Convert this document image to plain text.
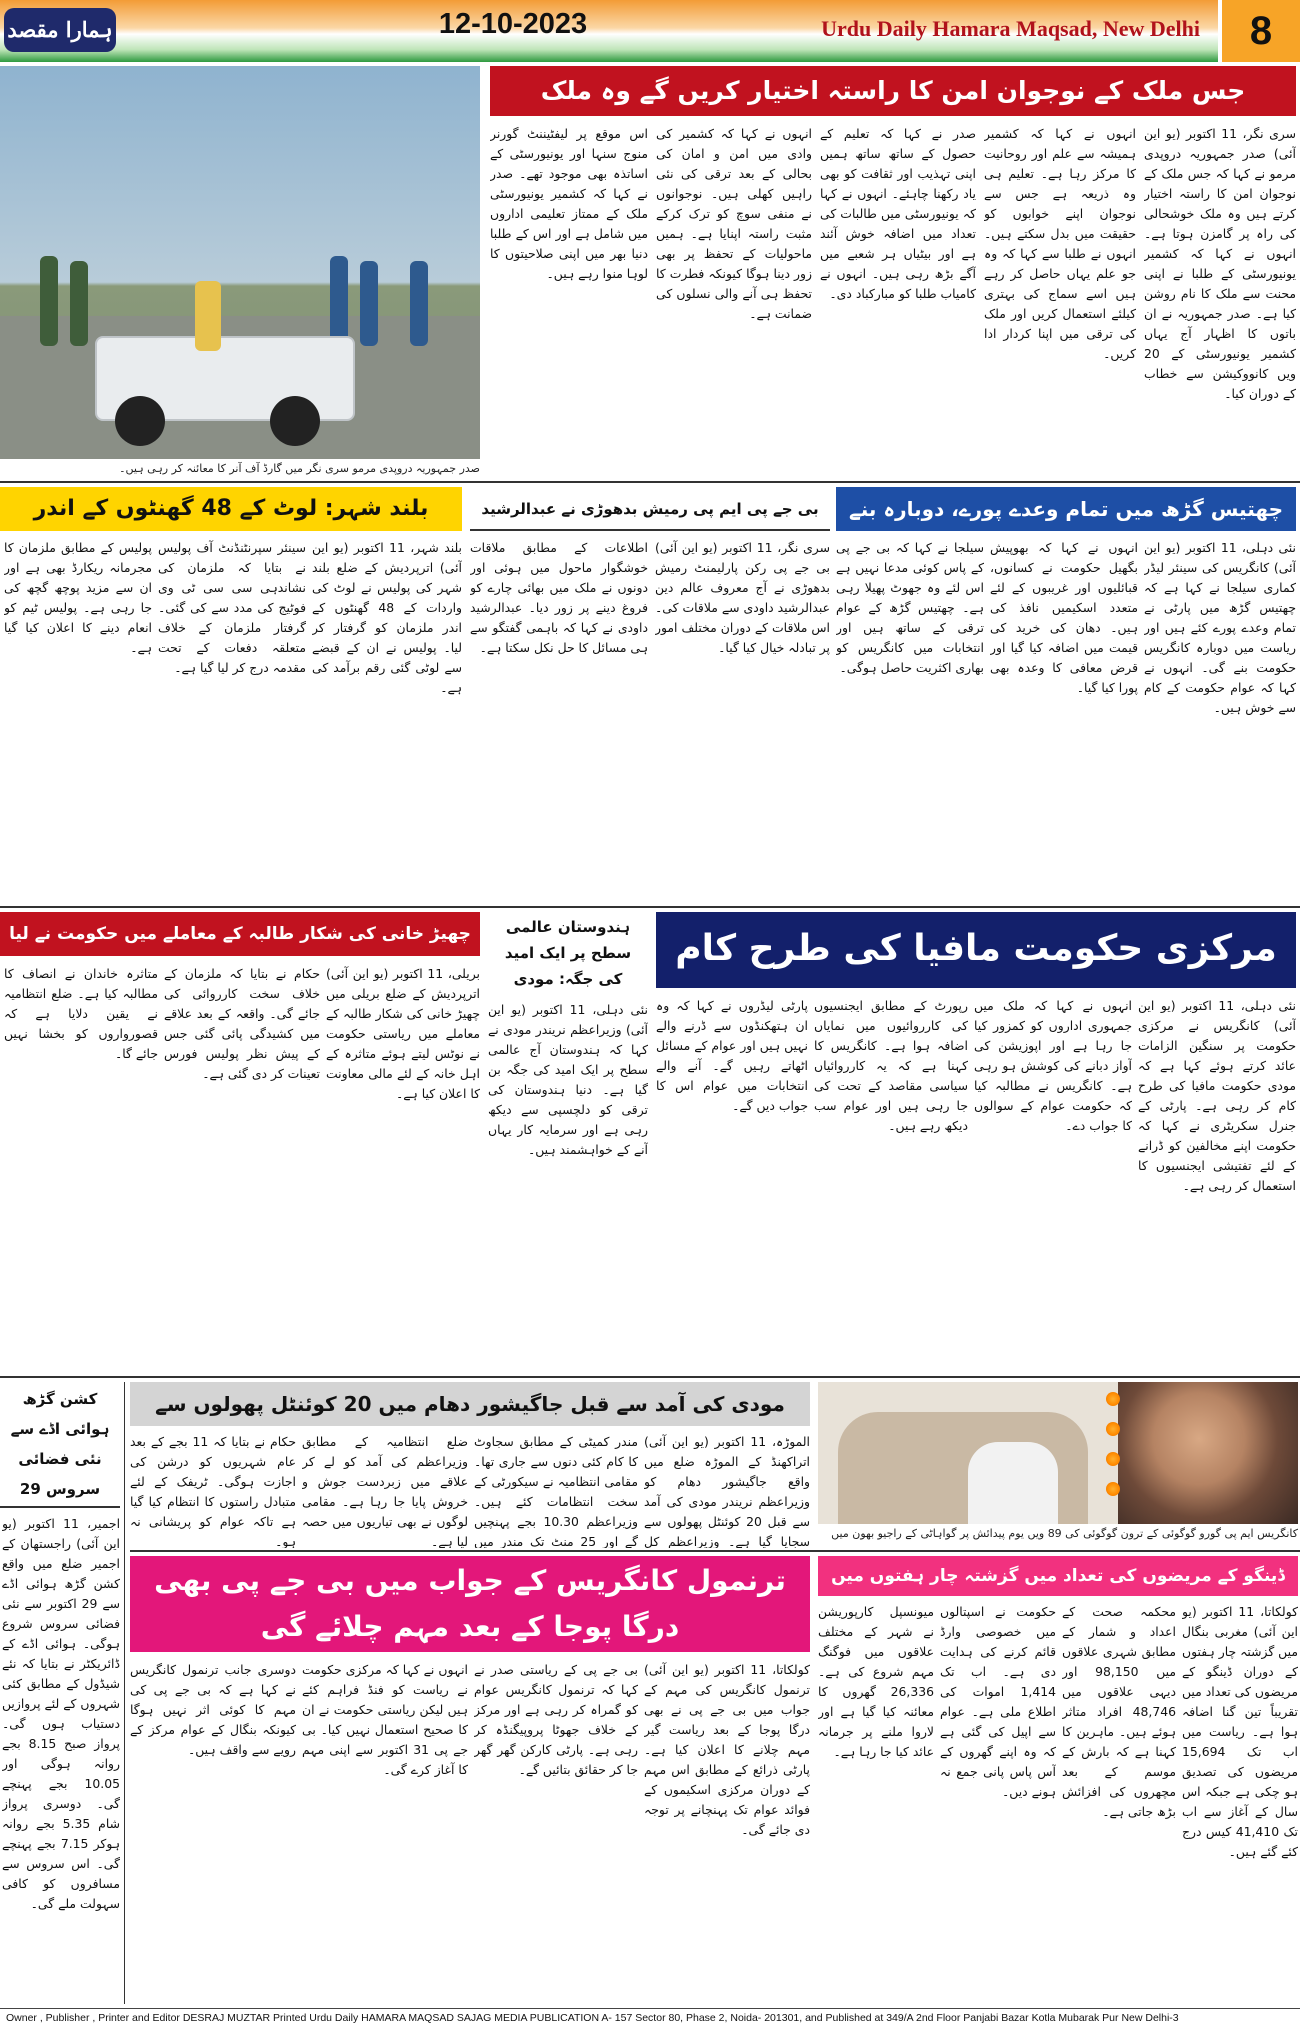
ہمارا مقصد	12-10-2023	Urdu Daily Hamara Maqsad, New Delhi	8
صدر جمہوریہ دروپدی مرمو سری نگر میں گارڈ آف آنر کا معائنہ کر رہی ہیں۔
جس ملک کے نوجوان امن کا راستہ اختیار کریں گے وہ ملک
سری نگر، 11 اکتوبر (یو این آئی) صدر جمہوریہ دروپدی مرمو نے کہا کہ جس ملک کے نوجوان امن کا راستہ اختیار کرتے ہیں وہ ملک خوشحالی کی راہ پر گامزن ہوتا ہے۔ انہوں نے کہا کہ کشمیر یونیورسٹی کے طلبا نے اپنی محنت سے ملک کا نام روشن کیا ہے۔ صدر جمہوریہ نے ان باتوں کا اظہار آج یہاں کشمیر یونیورسٹی کے 20 ویں کانووکیشن سے خطاب کے دوران کیا۔
انہوں نے کہا کہ کشمیر ہمیشہ سے علم اور روحانیت کا مرکز رہا ہے۔ تعلیم ہی وہ ذریعہ ہے جس سے نوجوان اپنے خوابوں کو حقیقت میں بدل سکتے ہیں۔ انہوں نے طلبا سے کہا کہ وہ جو علم یہاں حاصل کر رہے ہیں اسے سماج کی بہتری کیلئے استعمال کریں اور ملک کی ترقی میں اپنا کردار ادا کریں۔
صدر نے کہا کہ تعلیم کے حصول کے ساتھ ساتھ ہمیں اپنی تہذیب اور ثقافت کو بھی یاد رکھنا چاہئے۔ انہوں نے کہا کہ یونیورسٹی میں طالبات کی تعداد میں اضافہ خوش آئند ہے اور بیٹیاں ہر شعبے میں آگے بڑھ رہی ہیں۔ انہوں نے کامیاب طلبا کو مبارکباد دی۔
انہوں نے کہا کہ کشمیر کی وادی میں امن و امان کی بحالی کے بعد ترقی کی نئی راہیں کھلی ہیں۔ نوجوانوں نے منفی سوچ کو ترک کرکے مثبت راستہ اپنایا ہے۔ ہمیں ماحولیات کے تحفظ پر بھی زور دینا ہوگا کیونکہ فطرت کا تحفظ ہی آنے والی نسلوں کی ضمانت ہے۔
اس موقع پر لیفٹیننٹ گورنر منوج سنہا اور یونیورسٹی کے اساتذہ بھی موجود تھے۔ صدر نے کہا کہ کشمیر یونیورسٹی ملک کے ممتاز تعلیمی اداروں میں شامل ہے اور اس کے طلبا دنیا بھر میں اپنی صلاحیتوں کا لوہا منوا رہے ہیں۔
چھتیس گڑھ میں تمام وعدے پورے، دوبارہ بنے
نئی دہلی، 11 اکتوبر (یو این آئی) کانگریس کی سینئر لیڈر کماری سیلجا نے کہا ہے کہ چھتیس گڑھ میں پارٹی نے تمام وعدے پورے کئے ہیں اور ریاست میں دوبارہ کانگریس حکومت بنے گی۔ انہوں نے کہا کہ عوام حکومت کے کام سے خوش ہیں۔
انہوں نے کہا کہ بھوپیش بگھیل حکومت نے کسانوں، قبائلیوں اور غریبوں کے لئے متعدد اسکیمیں نافذ کی ہیں۔ دھان کی خرید کی قیمت میں اضافہ کیا گیا اور قرض معافی کا وعدہ بھی پورا کیا گیا۔
سیلجا نے کہا کہ بی جے پی کے پاس کوئی مدعا نہیں ہے اس لئے وہ جھوٹ پھیلا رہی ہے۔ چھتیس گڑھ کے عوام ترقی کے ساتھ ہیں اور انتخابات میں کانگریس کو بھاری اکثریت حاصل ہوگی۔
بی جے پی ایم پی رمیش بدھوڑی نے عبدالرشید
سری نگر، 11 اکتوبر (یو این آئی) بی جے پی رکن پارلیمنٹ رمیش بدھوڑی نے آج معروف عالم دین عبدالرشید داودی سے ملاقات کی۔ اس ملاقات کے دوران مختلف امور پر تبادلہ خیال کیا گیا۔
اطلاعات کے مطابق ملاقات خوشگوار ماحول میں ہوئی اور دونوں نے ملک میں بھائی چارے کو فروغ دینے پر زور دیا۔ عبدالرشید داودی نے کہا کہ باہمی گفتگو سے ہی مسائل کا حل نکل سکتا ہے۔
بلند شہر: لوٹ کے 48 گھنٹوں کے اندر
بلند شہر، 11 اکتوبر (یو این آئی) اترپردیش کے ضلع بلند شہر کی پولیس نے لوٹ کی واردات کے 48 گھنٹوں کے اندر ملزمان کو گرفتار کر لیا۔ پولیس نے ان کے قبضے سے لوٹی گئی رقم برآمد کی ہے۔
سینئر سپرنٹنڈنٹ آف پولیس نے بتایا کہ ملزمان کی نشاندہی سی سی ٹی وی فوٹیج کی مدد سے کی گئی۔ گرفتار ملزمان کے خلاف متعلقہ دفعات کے تحت مقدمہ درج کر لیا گیا ہے۔
پولیس کے مطابق ملزمان کا مجرمانہ ریکارڈ بھی ہے اور ان سے مزید پوچھ گچھ کی جا رہی ہے۔ پولیس ٹیم کو انعام دینے کا اعلان کیا گیا ہے۔
مرکزی حکومت مافیا کی طرح کام
نئی دہلی، 11 اکتوبر (یو این آئی) کانگریس نے مرکزی حکومت پر سنگین الزامات عائد کرتے ہوئے کہا ہے کہ مودی حکومت مافیا کی طرح کام کر رہی ہے۔ پارٹی کے جنرل سکریٹری نے کہا کہ حکومت اپنے مخالفین کو ڈرانے کے لئے تفتیشی ایجنسیوں کا استعمال کر رہی ہے۔
انہوں نے کہا کہ ملک میں جمہوری اداروں کو کمزور کیا جا رہا ہے اور اپوزیشن کی آواز دبانے کی کوشش ہو رہی ہے۔ کانگریس نے مطالبہ کیا کہ حکومت عوام کے سوالوں کا جواب دے۔
رپورٹ کے مطابق ایجنسیوں کی کارروائیوں میں نمایاں اضافہ ہوا ہے۔ کانگریس کا کہنا ہے کہ یہ کارروائیاں سیاسی مقاصد کے تحت کی جا رہی ہیں اور عوام سب دیکھ رہے ہیں۔
پارٹی لیڈروں نے کہا کہ وہ ان ہتھکنڈوں سے ڈرنے والے نہیں ہیں اور عوام کے مسائل اٹھاتے رہیں گے۔ آنے والے انتخابات میں عوام اس کا جواب دیں گے۔
ہندوستان عالمی سطح پر ایک امید کی جگہ: مودی
نئی دہلی، 11 اکتوبر (یو این آئی) وزیراعظم نریندر مودی نے کہا کہ ہندوستان آج عالمی سطح پر ایک امید کی جگہ بن گیا ہے۔ دنیا ہندوستان کی ترقی کو دلچسپی سے دیکھ رہی ہے اور سرمایہ کار یہاں آنے کے خواہشمند ہیں۔
چھیڑ خانی کی شکار طالبہ کے معاملے میں حکومت نے لیا
بریلی، 11 اکتوبر (یو این آئی) اترپردیش کے ضلع بریلی میں چھیڑ خانی کی شکار طالبہ کے معاملے میں ریاستی حکومت نے نوٹس لیتے ہوئے متاثرہ کے اہل خانہ کے لئے مالی معاونت کا اعلان کیا ہے۔
حکام نے بتایا کہ ملزمان کے خلاف سخت کارروائی کی جائے گی۔ واقعہ کے بعد علاقے میں کشیدگی پائی گئی جس کے پیش نظر پولیس فورس تعینات کر دی گئی ہے۔
متاثرہ خاندان نے انصاف کا مطالبہ کیا ہے۔ ضلع انتظامیہ نے یقین دلایا ہے کہ قصورواروں کو بخشا نہیں جائے گا۔
کشن گڑھ ہوائی اڈے سے نئی فضائی سروس 29
اجمیر، 11 اکتوبر (یو این آئی) راجستھان کے اجمیر ضلع میں واقع کشن گڑھ ہوائی اڈے سے 29 اکتوبر سے نئی فضائی سروس شروع ہوگی۔ ہوائی اڈے کے ڈائریکٹر نے بتایا کہ نئے شیڈول کے مطابق کئی شہروں کے لئے پروازیں دستیاب ہوں گی۔ پرواز صبح 8.15 بجے روانہ ہوگی اور 10.05 بجے پہنچے گی۔ دوسری پرواز شام 5.35 بجے روانہ ہوکر 7.15 بجے پہنچے گی۔ اس سروس سے مسافروں کو کافی سہولت ملے گی۔
مودی کی آمد سے قبل جاگیشور دھام میں 20 کوئنٹل پھولوں سے
الموڑہ، 11 اکتوبر (یو این آئی) اتراکھنڈ کے الموڑہ ضلع میں واقع جاگیشور دھام کو وزیراعظم نریندر مودی کی آمد سے قبل 20 کوئنٹل پھولوں سے سجایا گیا ہے۔ وزیراعظم کل
مندر کمیٹی کے مطابق سجاوٹ کا کام کئی دنوں سے جاری تھا۔ مقامی انتظامیہ نے سیکورٹی کے سخت انتظامات کئے ہیں۔ وزیراعظم 10.30 بجے پہنچیں گے اور 25 منٹ تک مندر میں
ضلع انتظامیہ کے مطابق وزیراعظم کی آمد کو لے کر علاقے میں زبردست جوش و خروش پایا جا رہا ہے۔ مقامی لوگوں نے بھی تیاریوں میں حصہ لیا ہے۔
حکام نے بتایا کہ 11 بجے کے بعد عام شہریوں کو درشن کی اجازت ہوگی۔ ٹریفک کے لئے متبادل راستوں کا انتظام کیا گیا ہے تاکہ عوام کو پریشانی نہ ہو۔
کانگریس ایم پی گورو گوگوئی کے ترون گوگوئی کی 89 ویں یوم پیدائش پر گواہاٹی کے راجیو بھون میں
ڈینگو کے مریضوں کی تعداد میں گزشتہ چار ہفتوں میں
کولکاتا، 11 اکتوبر (یو این آئی) مغربی بنگال میں گزشتہ چار ہفتوں کے دوران ڈینگو کے مریضوں کی تعداد میں تقریباً تین گنا اضافہ ہوا ہے۔ ریاست میں اب تک 15,694 مریضوں کی تصدیق ہو چکی ہے جبکہ اس سال کے آغاز سے اب تک 41,410 کیس درج کئے گئے ہیں۔
محکمہ صحت کے اعداد و شمار کے مطابق شہری علاقوں میں 98,150 اور دیہی علاقوں میں 48,746 افراد متاثر ہوئے ہیں۔ ماہرین کا کہنا ہے کہ بارش کے موسم کے بعد مچھروں کی افزائش بڑھ جاتی ہے۔
حکومت نے اسپتالوں میں خصوصی وارڈ قائم کرنے کی ہدایت دی ہے۔ اب تک 1,414 اموات کی اطلاع ملی ہے۔ عوام سے اپیل کی گئی ہے کہ وہ اپنے گھروں کے آس پاس پانی جمع نہ ہونے دیں۔
میونسپل کارپوریشن نے شہر کے مختلف علاقوں میں فوگنگ مہم شروع کی ہے۔ 26,336 گھروں کا معائنہ کیا گیا ہے اور لاروا ملنے پر جرمانہ عائد کیا جا رہا ہے۔
ترنمول کانگریس کے جواب میں بی جے پی بھی درگا پوجا کے بعد مہم چلائے گی
کولکاتا، 11 اکتوبر (یو این آئی) ترنمول کانگریس کی مہم کے جواب میں بی جے پی نے بھی درگا پوجا کے بعد ریاست گیر مہم چلانے کا اعلان کیا ہے۔ پارٹی ذرائع کے مطابق اس مہم کے دوران مرکزی اسکیموں کے فوائد عوام تک پہنچانے پر توجہ دی جائے گی۔
بی جے پی کے ریاستی صدر نے کہا کہ ترنمول کانگریس عوام کو گمراہ کر رہی ہے اور مرکز کے خلاف جھوٹا پروپیگنڈہ کر رہی ہے۔ پارٹی کارکن گھر گھر جا کر حقائق بتائیں گے۔
انہوں نے کہا کہ مرکزی حکومت نے ریاست کو فنڈ فراہم کئے ہیں لیکن ریاستی حکومت نے ان کا صحیح استعمال نہیں کیا۔ بی جے پی 31 اکتوبر سے اپنی مہم کا آغاز کرے گی۔
دوسری جانب ترنمول کانگریس نے کہا ہے کہ بی جے پی کی مہم کا کوئی اثر نہیں ہوگا کیونکہ بنگال کے عوام مرکز کے رویے سے واقف ہیں۔
Owner , Publisher , Printer and Editor DESRAJ MUZTAR Printed Urdu Daily HAMARA MAQSAD SAJAG MEDIA PUBLICATION A- 157 Sector 80, Phase 2, Noida- 201301, and Published at 349/A 2nd Floor Panjabi Bazar Kotla Mubarak Pur New Delhi-3
